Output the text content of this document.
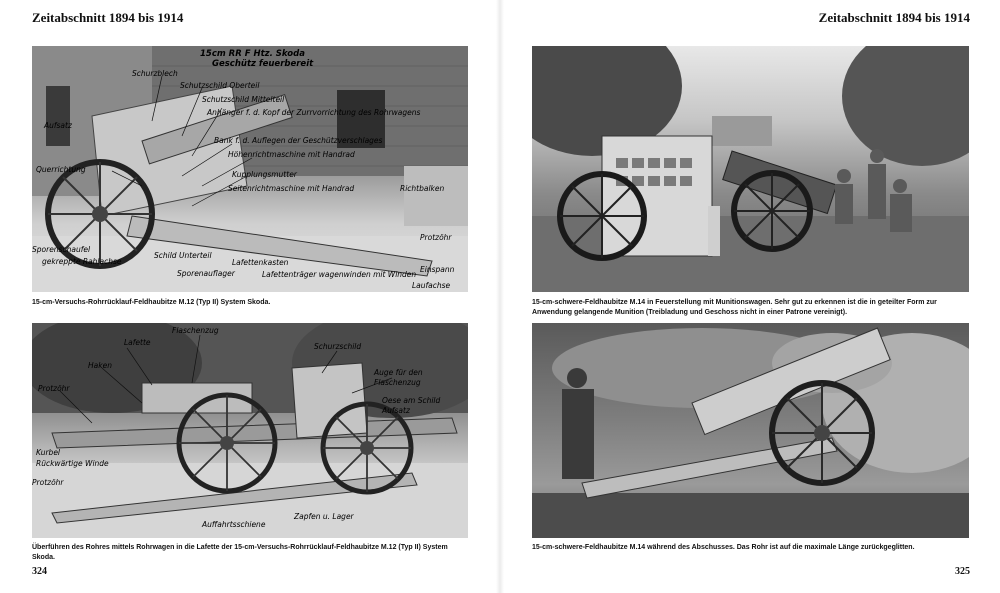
Zeitabschnitt 1894 bis 1914
15cm RR F Htz. Skoda
Geschütz feuerbereit
Schurzblech
Schutzschild Oberteil
Schutzschild Mittelteil
Anhänger f. d. Kopf der Zurrvorrichtung des Rohrwagens
Bank f. d. Auflegen der Geschützverschlages
Aufsatz
Höhenrichtmaschine mit Handrad
Querrichtung
Kupplungsmutter
Seitenrichtmaschine mit Handrad	Richtbalken
Sporenschaufel
gekreppte Rahlachse
Schild Unterteil
Sporenauflager
Lafettenkasten
Lafettenträger wagenwinden mit Winden
Protzöhr
Einspann
Laufachse
15-cm-Versuchs-Rohrrücklauf-Feldhaubitze M.12 (Typ II) System Skoda.
Flaschenzug
Lafette	Schurzschild
Haken
Protzöhr
Auge für den
Flaschenzug
Oese am Schild
Aufsatz
Kurbel
Rückwärtige Winde
Protzöhr
Auffahrtsschiene
Zapfen u. Lager
Überführen des Rohres mittels Rohrwagen in die Lafette der 15-cm-Versuchs-Rohrrücklauf-Feldhaubitze M.12 (Typ II) System Skoda.
324
Zeitabschnitt 1894 bis 1914
15-cm-schwere-Feldhaubitze M.14 in Feuerstellung mit Munitionswagen. Sehr gut zu erkennen ist die in geteilter Form zur Anwendung gelangende Munition (Treibladung und Geschoss nicht in einer Patrone vereinigt).
15-cm-schwere-Feldhaubitze M.14 während des Abschusses. Das Rohr ist auf die maximale Länge zurückgeglitten.
325
